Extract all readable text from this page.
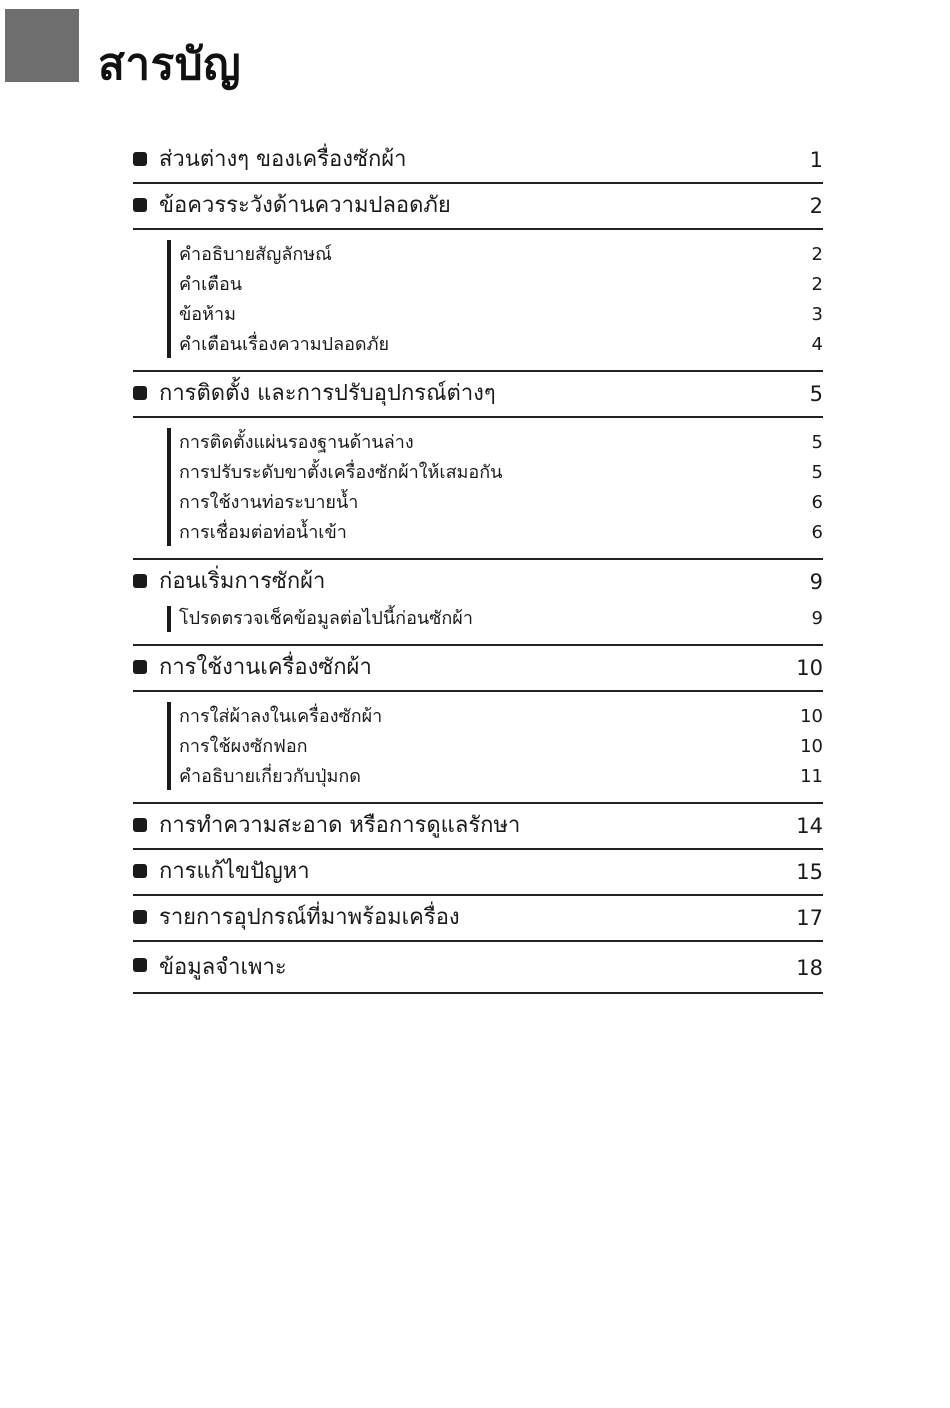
สารบัญ
ส่วนต่างๆ ของเครื่องซักผ้า	1
ข้อควรระวังด้านความปลอดภัย	2
คำอธิบายสัญลักษณ์	2
คำเตือน	2
ข้อห้าม	3
คำเตือนเรื่องความปลอดภัย	4
การติดตั้ง และการปรับอุปกรณ์ต่างๆ	5
การติดตั้งแผ่นรองฐานด้านล่าง	5
การปรับระดับขาตั้งเครื่องซักผ้าให้เสมอกัน	5
การใช้งานท่อระบายน้ำ	6
การเชื่อมต่อท่อน้ำเข้า	6
ก่อนเริ่มการซักผ้า	9
โปรดตรวจเช็คข้อมูลต่อไปนี้ก่อนซักผ้า	9
การใช้งานเครื่องซักผ้า	10
การใส่ผ้าลงในเครื่องซักผ้า	10
การใช้ผงซักฟอก	10
คำอธิบายเกี่ยวกับปุ่มกด	11
การทำความสะอาด หรือการดูแลรักษา	14
การแก้ไขปัญหา	15
รายการอุปกรณ์ที่มาพร้อมเครื่อง	17
ข้อมูลจำเพาะ	18
